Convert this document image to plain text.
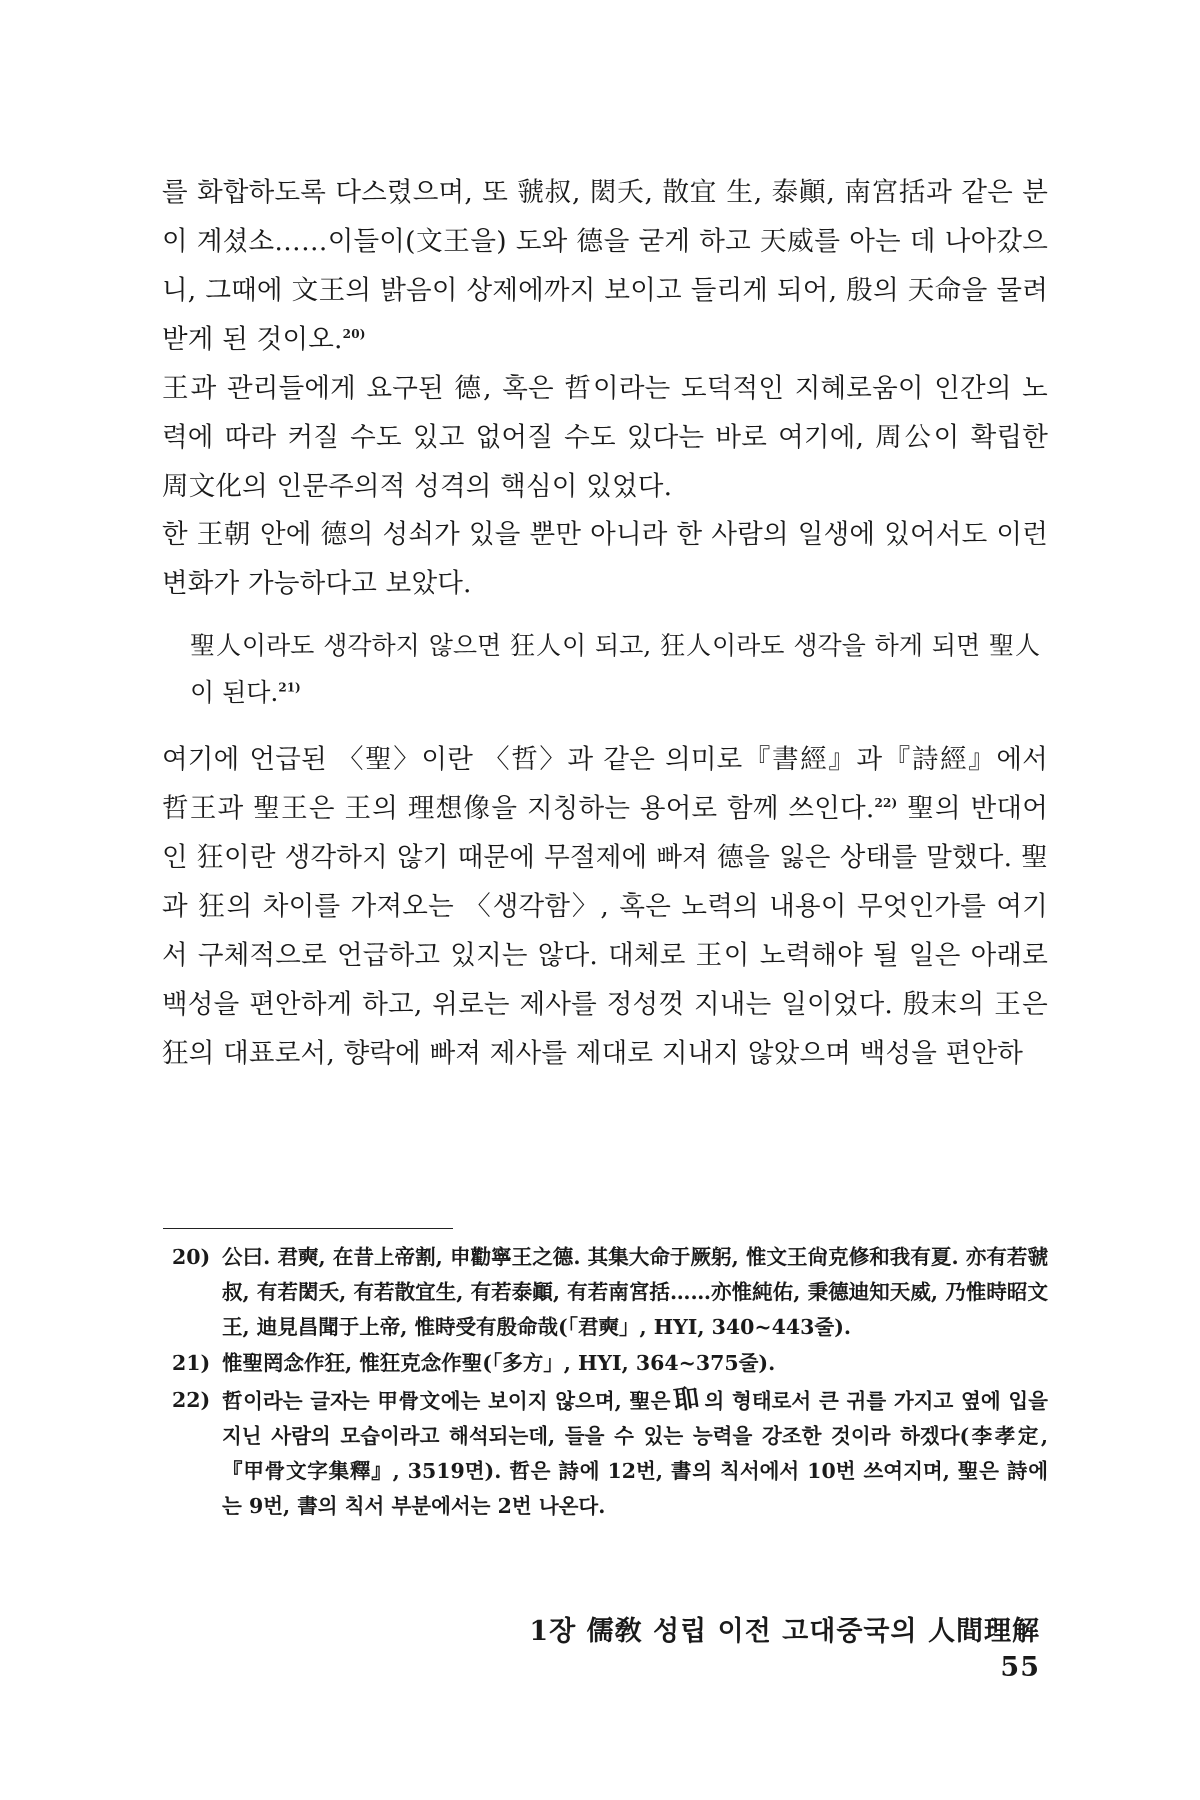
를 화합하도록 다스렸으며, 또 虢叔, 閎夭, 散宜 生, 泰顚, 南宮括과 같은 분이 계셨소……이들이(文王을) 도와 德을 굳게 하고 天威를 아는 데 나아갔으니, 그때에 文王의 밝음이 상제에까지 보이고 들리게 되어, 殷의 天命을 물려받게 된 것이오.$^{20)}$

王과 관리들에게 요구된 德, 혹은 哲이라는 도덕적인 지혜로움이 인간의 노력에 따라 커질 수도 있고 없어질 수도 있다는 바로 여기에, 周公이 확립한 周文化의 인문주의적 성격의 핵심이 있었다.

한 王朝 안에 德의 성쇠가 있을 뿐만 아니라 한 사람의 일생에 있어서도 이런 변화가 가능하다고 보았다.

聖人이라도 생각하지 않으면 狂人이 되고, 狂人이라도 생각을 하게 되면 聖人이 된다.$^{21)}$

여기에 언급된 〈聖〉이란 〈哲〉과 같은 의미로『書經』과『詩經』에서 哲王과 聖王은 王의 理想像을 지칭하는 용어로 함께 쓰인다.$^{22)}$ 聖의 반대어인 狂이란 생각하지 않기 때문에 무절제에 빠져 德을 잃은 상태를 말했다. 聖과 狂의 차이를 가져오는 〈생각함〉, 혹은 노력의 내용이 무엇인가를 여기서 구체적으로 언급하고 있지는 않다. 대체로 王이 노력해야 될 일은 아래로 백성을 편안하게 하고, 위로는 제사를 정성껏 지내는 일이었다. 殷末의 王은 狂의 대표로서, 향락에 빠져 제사를 제대로 지내지 않았으며 백성을 편안하

20) 公曰. 君奭, 在昔上帝割, 申勸寧王之德. 其集大命于厥躬, 惟文王尙克修和我有夏. 亦有若虢叔, 有若閎夭, 有若散宜生, 有若泰顚, 有若南宮括……亦惟純佑, 秉德迪知天威, 乃惟時昭文王, 迪見昌聞于上帝, 惟時受有殷命哉(「君奭」, HYI, 340~443줄).
21) 惟聖罔念作狂, 惟狂克念作聖(「多方」, HYI, 364~375줄).
22) 哲이라는 글자는 甲骨文에는 보이지 않으며, 聖은𦔻 의 형태로서 큰 귀를 가지고 옆에 입을 지닌 사람의 모습이라고 해석되는데, 들을 수 있는 능력을 강조한 것이라 하겠다(李孝定,『甲骨文字集釋』, 3519면). 哲은 詩에 12번, 書의 칙서에서 10번 쓰여지며, 聖은 詩에는 9번, 書의 칙서 부분에서는 2번 나온다.

1장 儒敎 성립 이전 고대중국의 人間理解 55
